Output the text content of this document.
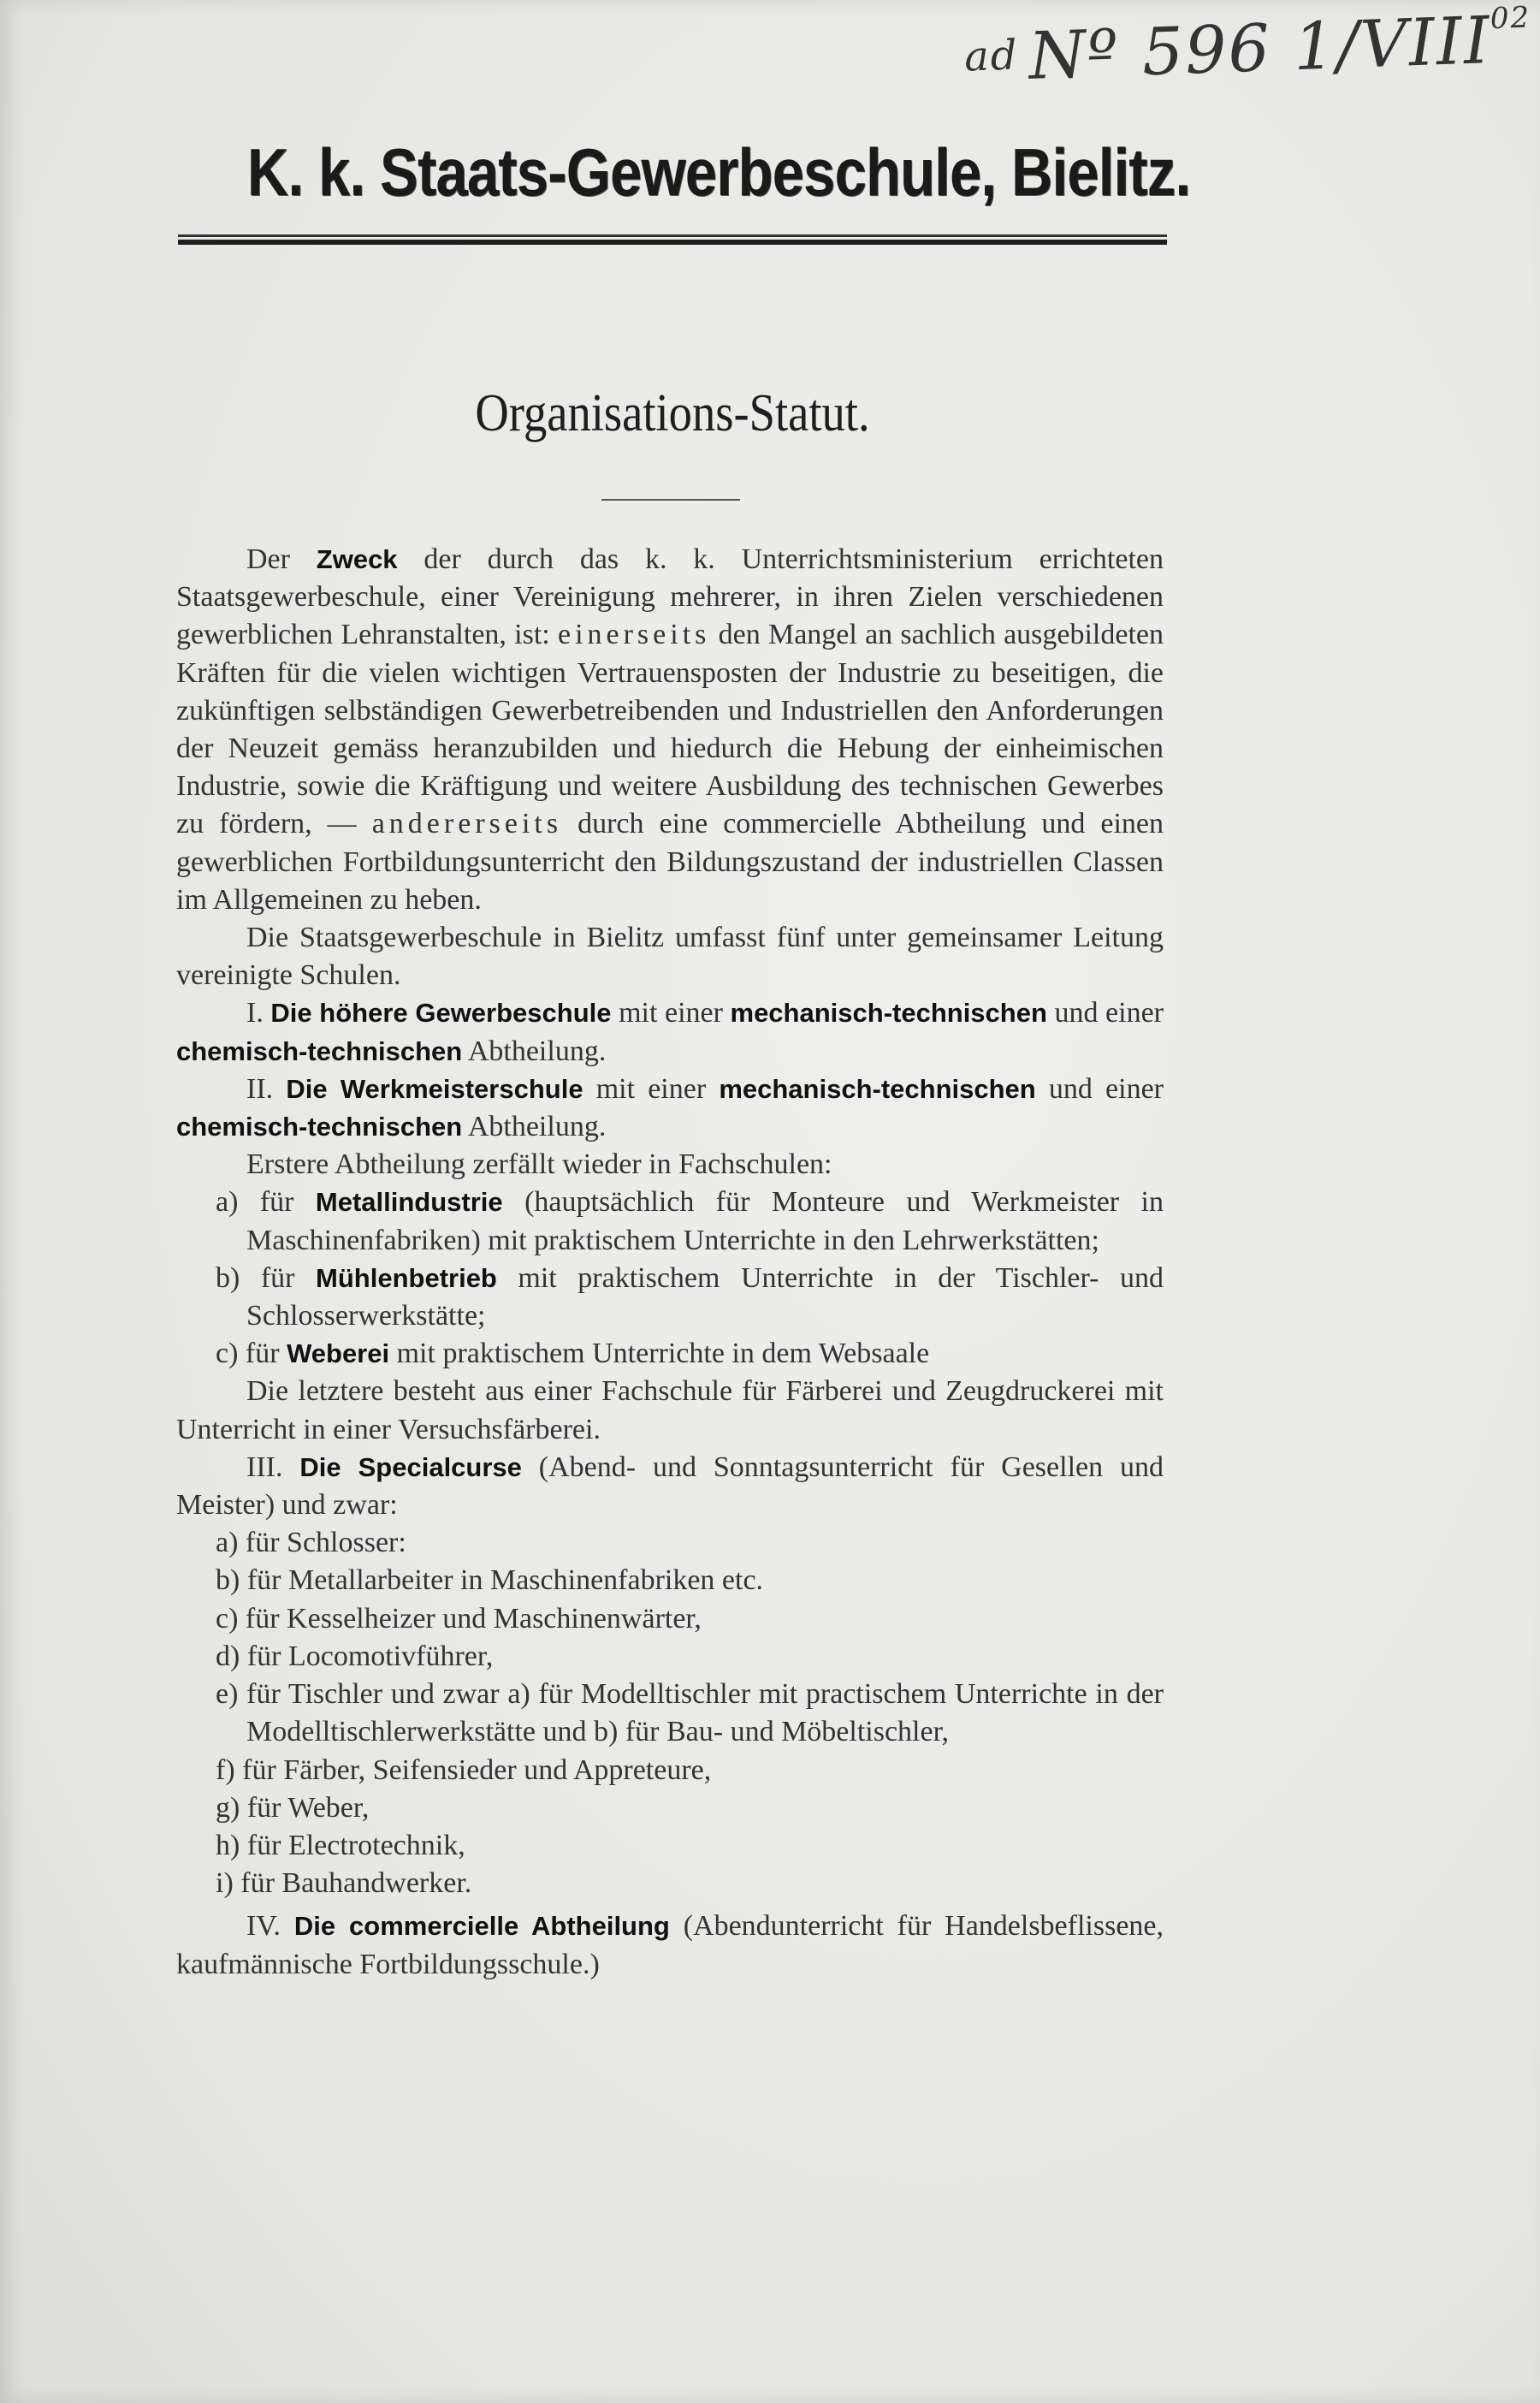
ad Nº 596 1/VIII$^{02}$
K. k. Staats-Gewerbeschule, Bielitz.
Organisations-Statut.

Der Zweck der durch das k. k. Unterrichtsministerium errichteten Staatsgewerbeschule, einer Vereinigung mehrerer, in ihren Zielen verschiedenen gewerblichen Lehranstalten, ist: einerseits den Mangel an sachlich ausgebildeten Kräften für die vielen wichtigen Vertrauensposten der Industrie zu beseitigen, die zukünftigen selbständigen Gewerbetreibenden und Industriellen den Anforderungen der Neuzeit gemäss heranzubilden und hiedurch die Hebung der einheimischen Industrie, sowie die Kräftigung und weitere Ausbildung des technischen Gewerbes zu fördern, — andererseits durch eine commercielle Abtheilung und einen gewerblichen Fortbildungsunterricht den Bildungszustand der industriellen Classen im Allgemeinen zu heben.

Die Staatsgewerbeschule in Bielitz umfasst fünf unter gemeinsamer Leitung vereinigte Schulen.

I. Die höhere Gewerbeschule mit einer mechanisch-technischen und einer chemisch-technischen Abtheilung.

II. Die Werkmeisterschule mit einer mechanisch-technischen und einer chemisch-technischen Abtheilung.

Erstere Abtheilung zerfällt wieder in Fachschulen:

a) für Metallindustrie (hauptsächlich für Monteure und Werkmeister in Maschinenfabriken) mit praktischem Unterrichte in den Lehrwerkstätten;

b) für Mühlenbetrieb mit praktischem Unterrichte in der Tischler- und Schlosserwerkstätte;

c) für Weberei mit praktischem Unterrichte in dem Websaale

Die letztere besteht aus einer Fachschule für Färberei und Zeugdruckerei mit Unterricht in einer Versuchsfärberei.

III. Die Specialcurse (Abend- und Sonntagsunterricht für Gesellen und Meister) und zwar:

a) für Schlosser:

b) für Metallarbeiter in Maschinenfabriken etc.

c) für Kesselheizer und Maschinenwärter,

d) für Locomotivführer,

e) für Tischler und zwar a) für Modelltischler mit practischem Unterrichte in der Modelltischlerwerkstätte und b) für Bau- und Möbeltischler,

f) für Färber, Seifensieder und Appreteure,

g) für Weber,

h) für Electrotechnik,

i) für Bauhandwerker.

IV. Die commercielle Abtheilung (Abendunterricht für Handelsbeflissene, kaufmännische Fortbildungsschule.)
